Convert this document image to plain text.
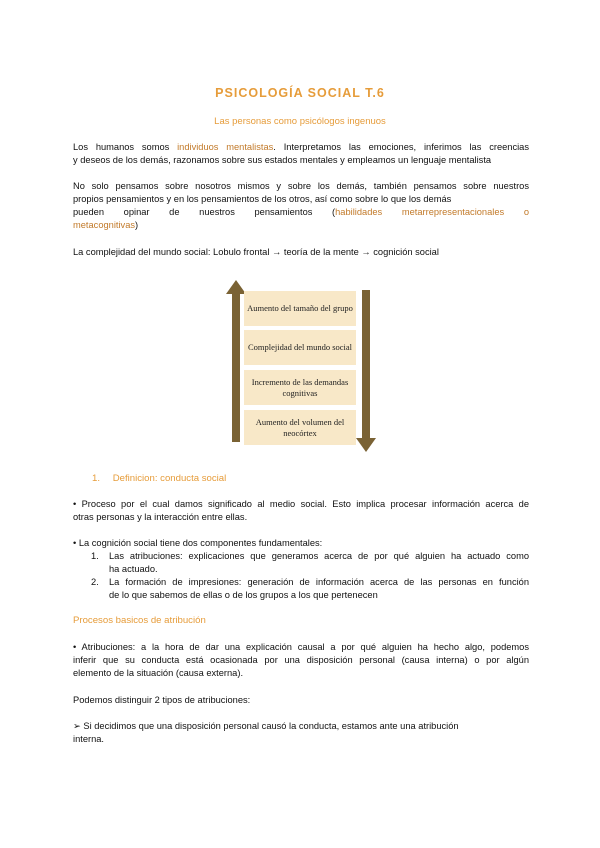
PSICOLOGÍA SOCIAL T.6
Las personas como psicólogos ingenuos
Los humanos somos individuos mentalistas. Interpretamos las emociones, inferimos las creencias
y deseos de los demás, razonamos sobre sus estados mentales y empleamos un lenguaje mentalista
No solo pensamos sobre nosotros mismos y sobre los demás, también pensamos sobre nuestros
propios pensamientos y en los pensamientos de los otros, así como sobre lo que los demás
pueden opinar de nuestros pensamientos (habilidades metarrepresentacionales o
metacognitivas)
La complejidad del mundo social: Lobulo frontal → teoría de la mente → cognición social
Aumento del tamaño del grupo
Complejidad del mundo social
Incremento de las demandas cognitivas
Aumento del volumen del neocórtex
1. Definicion: conducta social
• Proceso por el cual damos significado al medio social. Esto implica procesar información acerca de
otras personas y la interacción entre ellas.
• La cognición social tiene dos componentes fundamentales:
1. Las atribuciones: explicaciones que generamos acerca de por qué alguien ha actuado como
ha actuado.
2. La formación de impresiones: generación de información acerca de las personas en función
de lo que sabemos de ellas o de los grupos a los que pertenecen
Procesos basicos de atribución
• Atribuciones: a la hora de dar una explicación causal a por qué alguien ha hecho algo, podemos
inferir que su conducta está ocasionada por una disposición personal (causa interna) o por algún
elemento de la situación (causa externa).
Podemos distinguir 2 tipos de atribuciones:
➢ Si decidimos que una disposición personal causó la conducta, estamos ante una atribución
interna.
